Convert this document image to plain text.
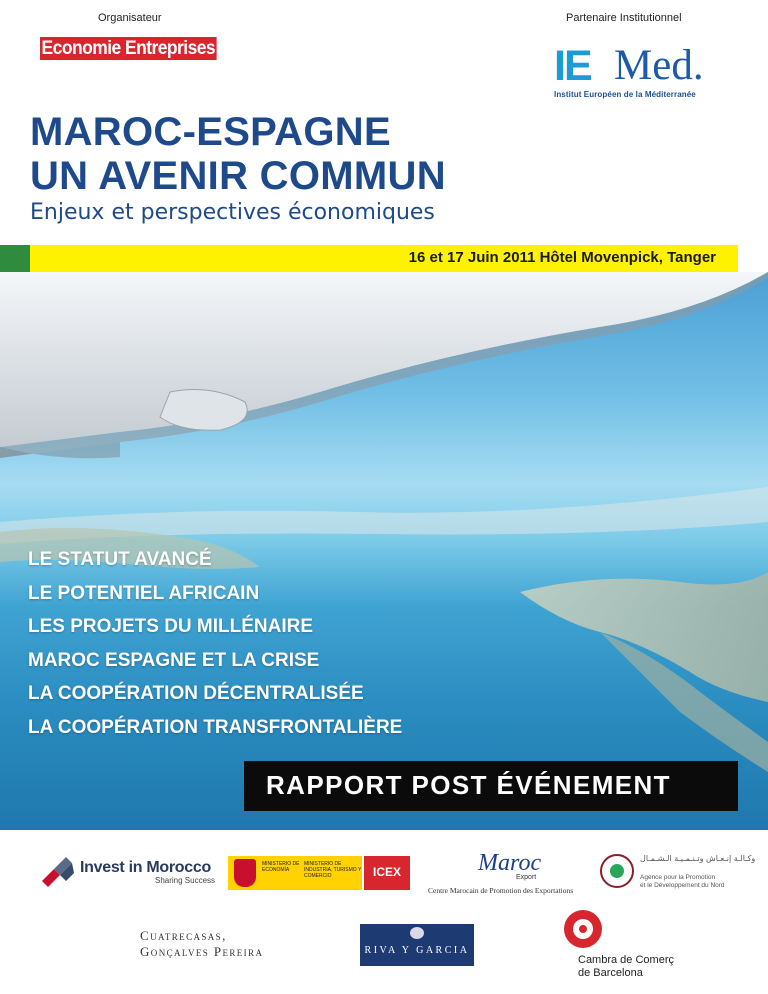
Organisateur
Economie Entreprises
Partenaire Institutionnel
IE Med.
Institut Européen de la Méditerranée
MAROC-ESPAGNE
UN AVENIR COMMUN
Enjeux et perspectives économiques
16 et 17 Juin 2011 Hôtel Movenpick, Tanger
LE STATUT AVANCÉ
LE POTENTIEL AFRICAIN
LES PROJETS DU MILLÉNAIRE
MAROC ESPAGNE ET LA CRISE
LA COOPÉRATION DÉCENTRALISÉE
LA COOPÉRATION TRANSFRONTALIÈRE
RAPPORT POST ÉVÉNEMENT
Invest in Morocco
Sharing Success
MINISTERIO DE ECONOMÍA
MINISTERIO DE INDUSTRIA, TURISMO Y COMERCIO	ICEX	Maroc
Export
Centre Marocain de Promotion des Exportations
وكـالـة إنـعـاش وتـنـمـيـة الـشـمـال
Agence pour la Promotion
et le Développement du Nord
Cuatrecasas,
Gonçalves Pereira	RIVA Y GARCIA
Cambra de Comerç
de Barcelona
